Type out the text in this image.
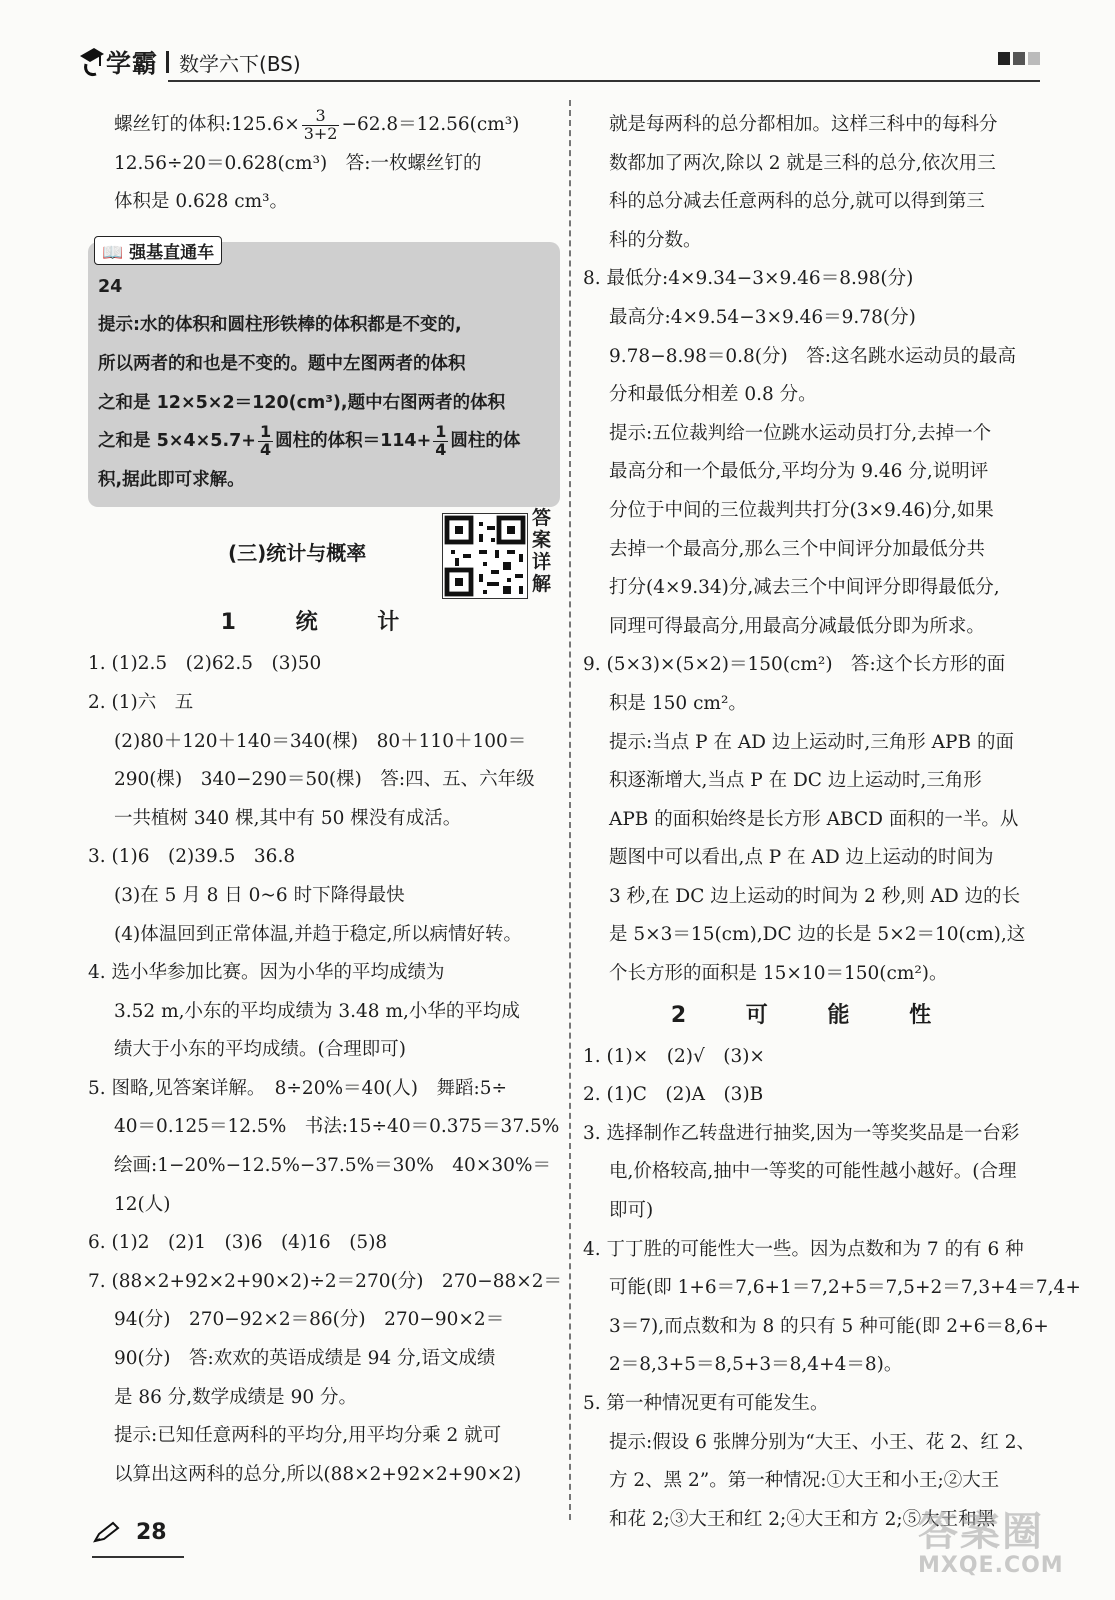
学霸 数学六下(BS)
螺丝钉的体积:125.6× $\frac{3}{3+2} -62.8=12.56(cm^3)$
12.56÷20＝0.628(cm³)　答:一枚螺丝钉的
体积是 0.628 cm³。
📖 强基直通车
24
提示:水的体积和圆柱形铁棒的体积都是不变的,
所以两者的和也是不变的。题中左图两者的体积
之和是 12×5×2＝120(cm³),题中右图两者的体积
之和是 $5\times 4\times 5.7+ \frac{1}{4}$ 圆柱的体积$=114+ \frac{1}{4}$ 圆柱的体
积,据此即可求解。
(三)统计与概率
答案详解
1 统 计
1. (1)2.5　(2)62.5　(3)50
2. (1)六　五
(2)80＋120＋140＝340(棵)　80＋110＋100＝
290(棵)　340−290＝50(棵)　答:四、五、六年级
一共植树 340 棵,其中有 50 棵没有成活。
3. (1)6　(2)39.5　36.8
(3)在 5 月 8 日 0~6 时下降得最快
(4)体温回到正常体温,并趋于稳定,所以病情好转。
4. 选小华参加比赛。因为小华的平均成绩为
3.52 m,小东的平均成绩为 3.48 m,小华的平均成
绩大于小东的平均成绩。(合理即可)
5. 图略,见答案详解。　8÷20%＝40(人)　舞蹈:5÷
40＝0.125＝12.5%　书法:15÷40＝0.375＝37.5%
绘画:1−20%−12.5%−37.5%＝30%　40×30%＝
12(人)
6. (1)2　(2)1　(3)6　(4)16　(5)8
7. (88×2+92×2+90×2)÷2＝270(分)　270−88×2＝
94(分)　270−92×2＝86(分)　270−90×2＝
90(分)　答:欢欢的英语成绩是 94 分,语文成绩
是 86 分,数学成绩是 90 分。
提示:已知任意两科的平均分,用平均分乘 2 就可
以算出这两科的总分,所以(88×2+92×2+90×2)
就是每两科的总分都相加。这样三科中的每科分
数都加了两次,除以 2 就是三科的总分,依次用三
科的总分减去任意两科的总分,就可以得到第三
科的分数。
8. 最低分:4×9.34−3×9.46＝8.98(分)
最高分:4×9.54−3×9.46＝9.78(分)
9.78−8.98＝0.8(分)　答:这名跳水运动员的最高
分和最低分相差 0.8 分。
提示:五位裁判给一位跳水运动员打分,去掉一个
最高分和一个最低分,平均分为 9.46 分,说明评
分位于中间的三位裁判共打分(3×9.46)分,如果
去掉一个最高分,那么三个中间评分加最低分共
打分(4×9.34)分,减去三个中间评分即得最低分,
同理可得最高分,用最高分减最低分即为所求。
9. (5×3)×(5×2)＝150(cm²)　答:这个长方形的面
积是 150 cm²。
提示:当点 P 在 AD 边上运动时,三角形 APB 的面
积逐渐增大,当点 P 在 DC 边上运动时,三角形
APB 的面积始终是长方形 ABCD 面积的一半。从
题图中可以看出,点 P 在 AD 边上运动的时间为
3 秒,在 DC 边上运动的时间为 2 秒,则 AD 边的长
是 5×3＝15(cm),DC 边的长是 5×2＝10(cm),这
个长方形的面积是 15×10＝150(cm²)。
2 可 能 性
1. (1)×　(2)√　(3)×
2. (1)C　(2)A　(3)B
3. 选择制作乙转盘进行抽奖,因为一等奖奖品是一台彩
电,价格较高,抽中一等奖的可能性越小越好。(合理
即可)
4. 丁丁胜的可能性大一些。因为点数和为 7 的有 6 种
可能(即 1+6＝7,6+1＝7,2+5＝7,5+2＝7,3+4＝7,4+
3＝7),而点数和为 8 的只有 5 种可能(即 2+6＝8,6+
2＝8,3+5＝8,5+3＝8,4+4＝8)。
5. 第一种情况更有可能发生。
提示:假设 6 张牌分别为“大王、小王、花 2、红 2、
方 2、黑 2”。第一种情况:①大王和小王;②大王
和花 2;③大王和红 2;④大王和方 2;⑤大王和黑
28	答案圈
MXQE.COM
